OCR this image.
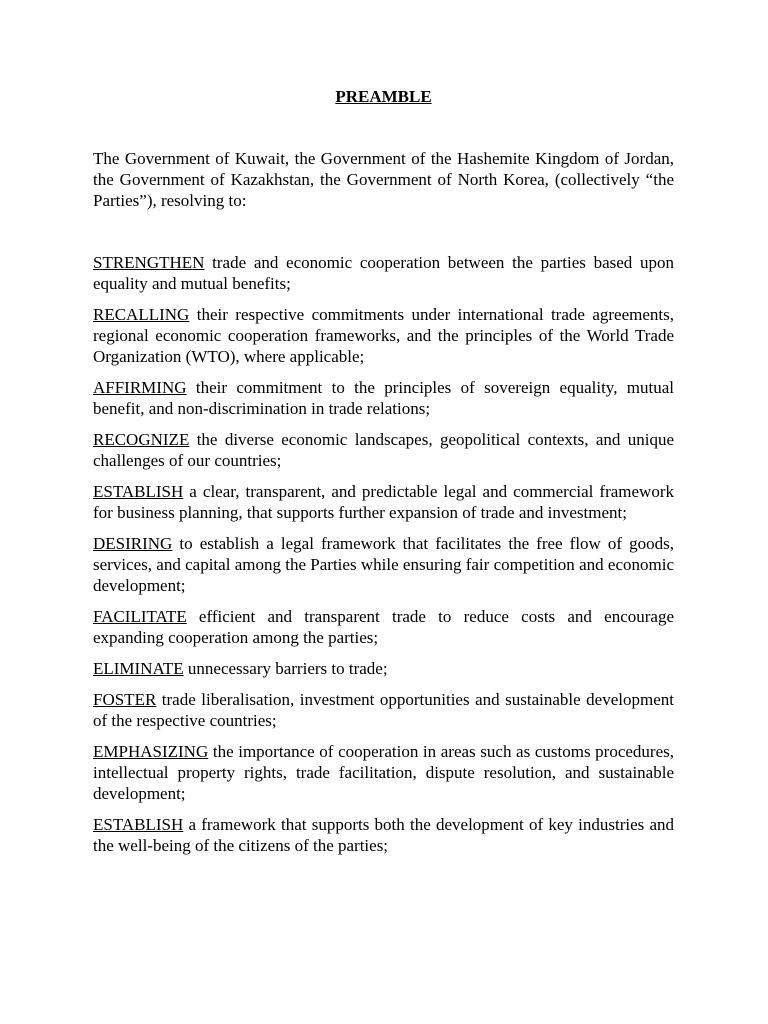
PREAMBLE

The Government of Kuwait, the Government of the Hashemite Kingdom of Jordan, the Government of Kazakhstan, the Government of North Korea, (collectively “the Parties”), resolving to:

STRENGTHEN trade and economic cooperation between the parties based upon equality and mutual benefits;

RECALLING their respective commitments under international trade agreements, regional economic cooperation frameworks, and the principles of the World Trade Organization (WTO), where applicable;

AFFIRMING their commitment to the principles of sovereign equality, mutual benefit, and non-discrimination in trade relations;

RECOGNIZE the diverse economic landscapes, geopolitical contexts, and unique challenges of our countries;

ESTABLISH a clear, transparent, and predictable legal and commercial framework for business planning, that supports further expansion of trade and investment;

DESIRING to establish a legal framework that facilitates the free flow of goods, services, and capital among the Parties while ensuring fair competition and economic development;

FACILITATE efficient and transparent trade to reduce costs and encourage expanding cooperation among the parties;

ELIMINATE unnecessary barriers to trade;

FOSTER trade liberalisation, investment opportunities and sustainable development of the respective countries;

EMPHASIZING the importance of cooperation in areas such as customs procedures, intellectual property rights, trade facilitation, dispute resolution, and sustainable development;

ESTABLISH a framework that supports both the development of key industries and the well-being of the citizens of the parties;
